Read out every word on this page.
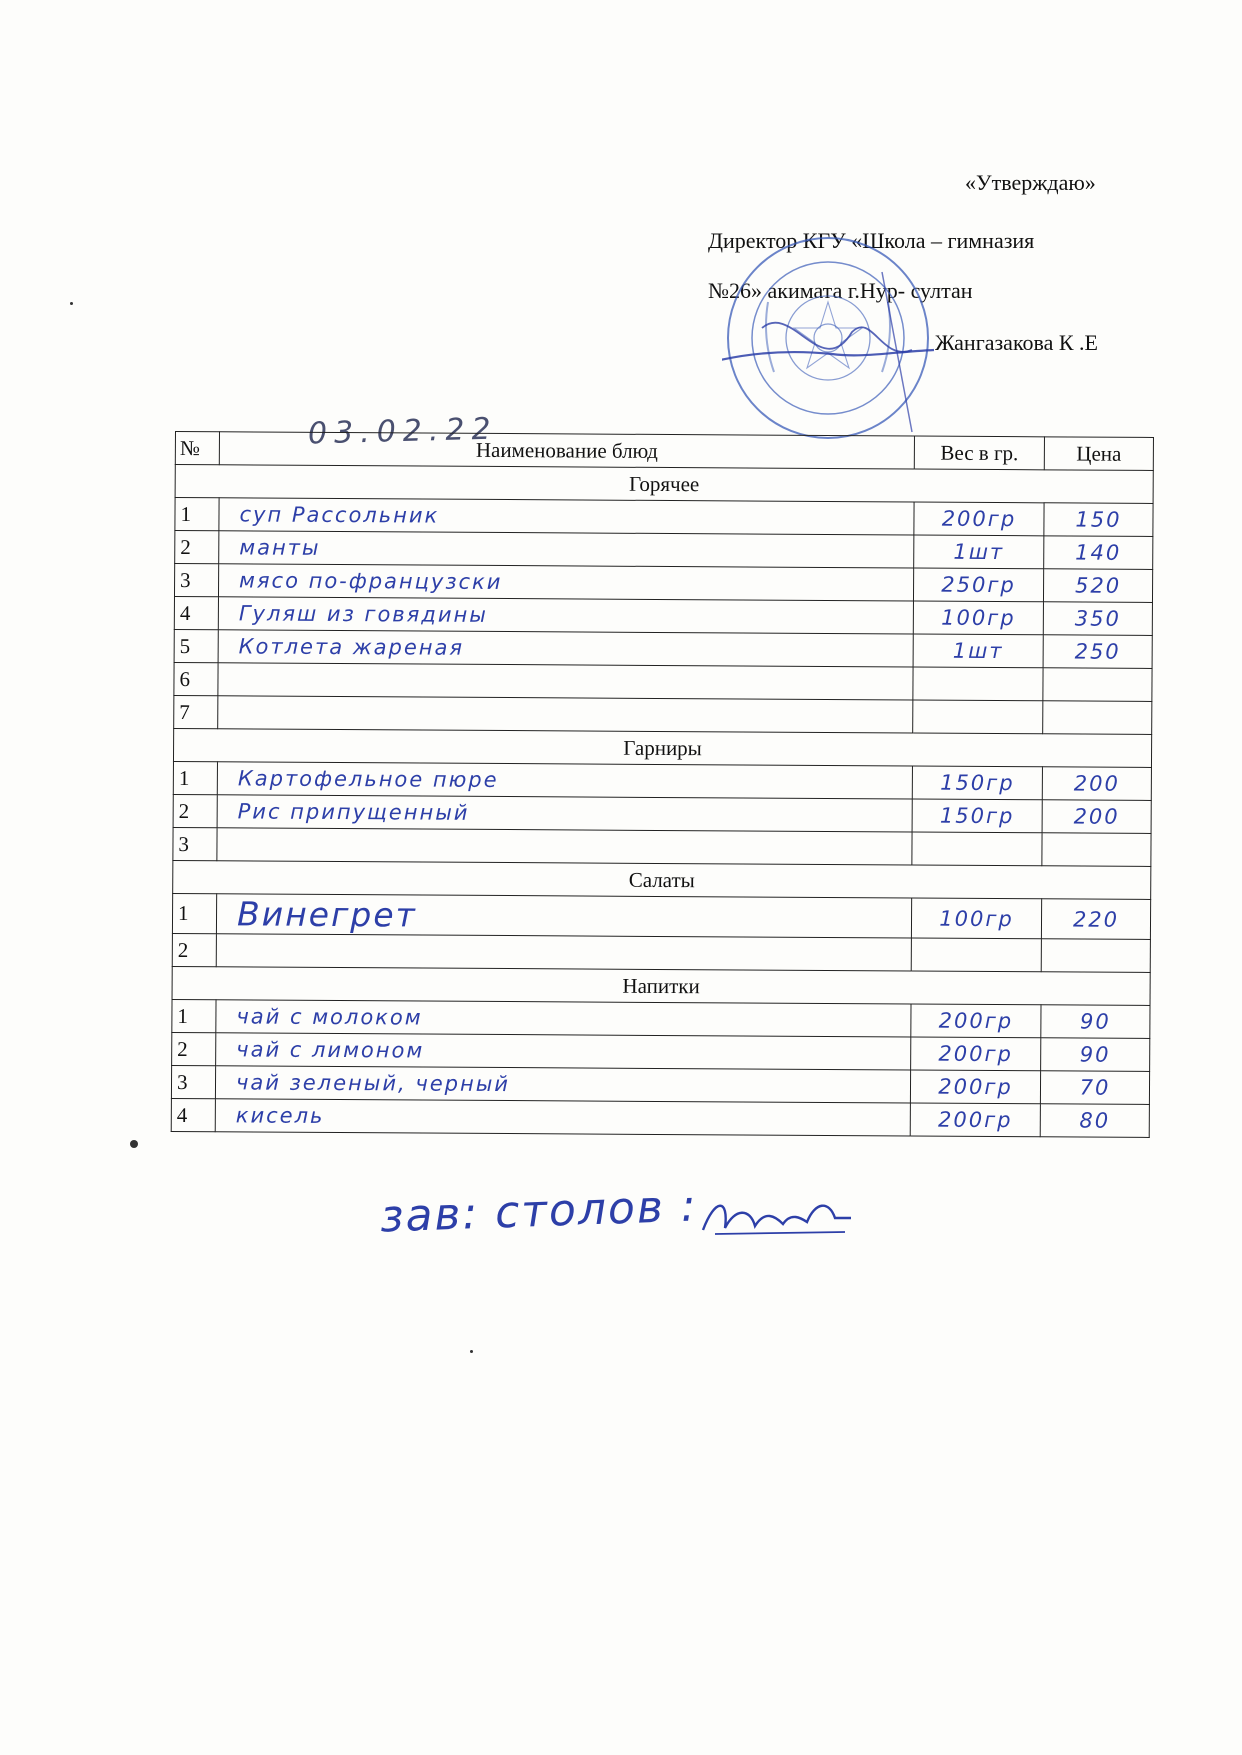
«Утверждаю»
Директор КГУ «Школа – гимназия
№26» акимата г.Нур- султан
Жангазакова К .Е
03.02.22
№	Наименование блюд	Вес в гр.	Цена
Горячее			
1	суп Рассольник	200гр	150
2	манты	1шт	140
3	мясо по-французски	250гр	520
4	Гуляш из говядины	100гр	350
5	Котлета жареная	1шт	250
6			
7			
Гарниры			
1	Картофельное пюре	150гр	200
2	Рис припущенный	150гр	200
3			
Салаты			
1	Винегрет	100гр	220
2			
Напитки			
1	чай с молоком	200гр	90
2	чай с лимоном	200гр	90
3	чай зеленый, черный	200гр	70
4	кисель	200гр	80
зав: столов :
